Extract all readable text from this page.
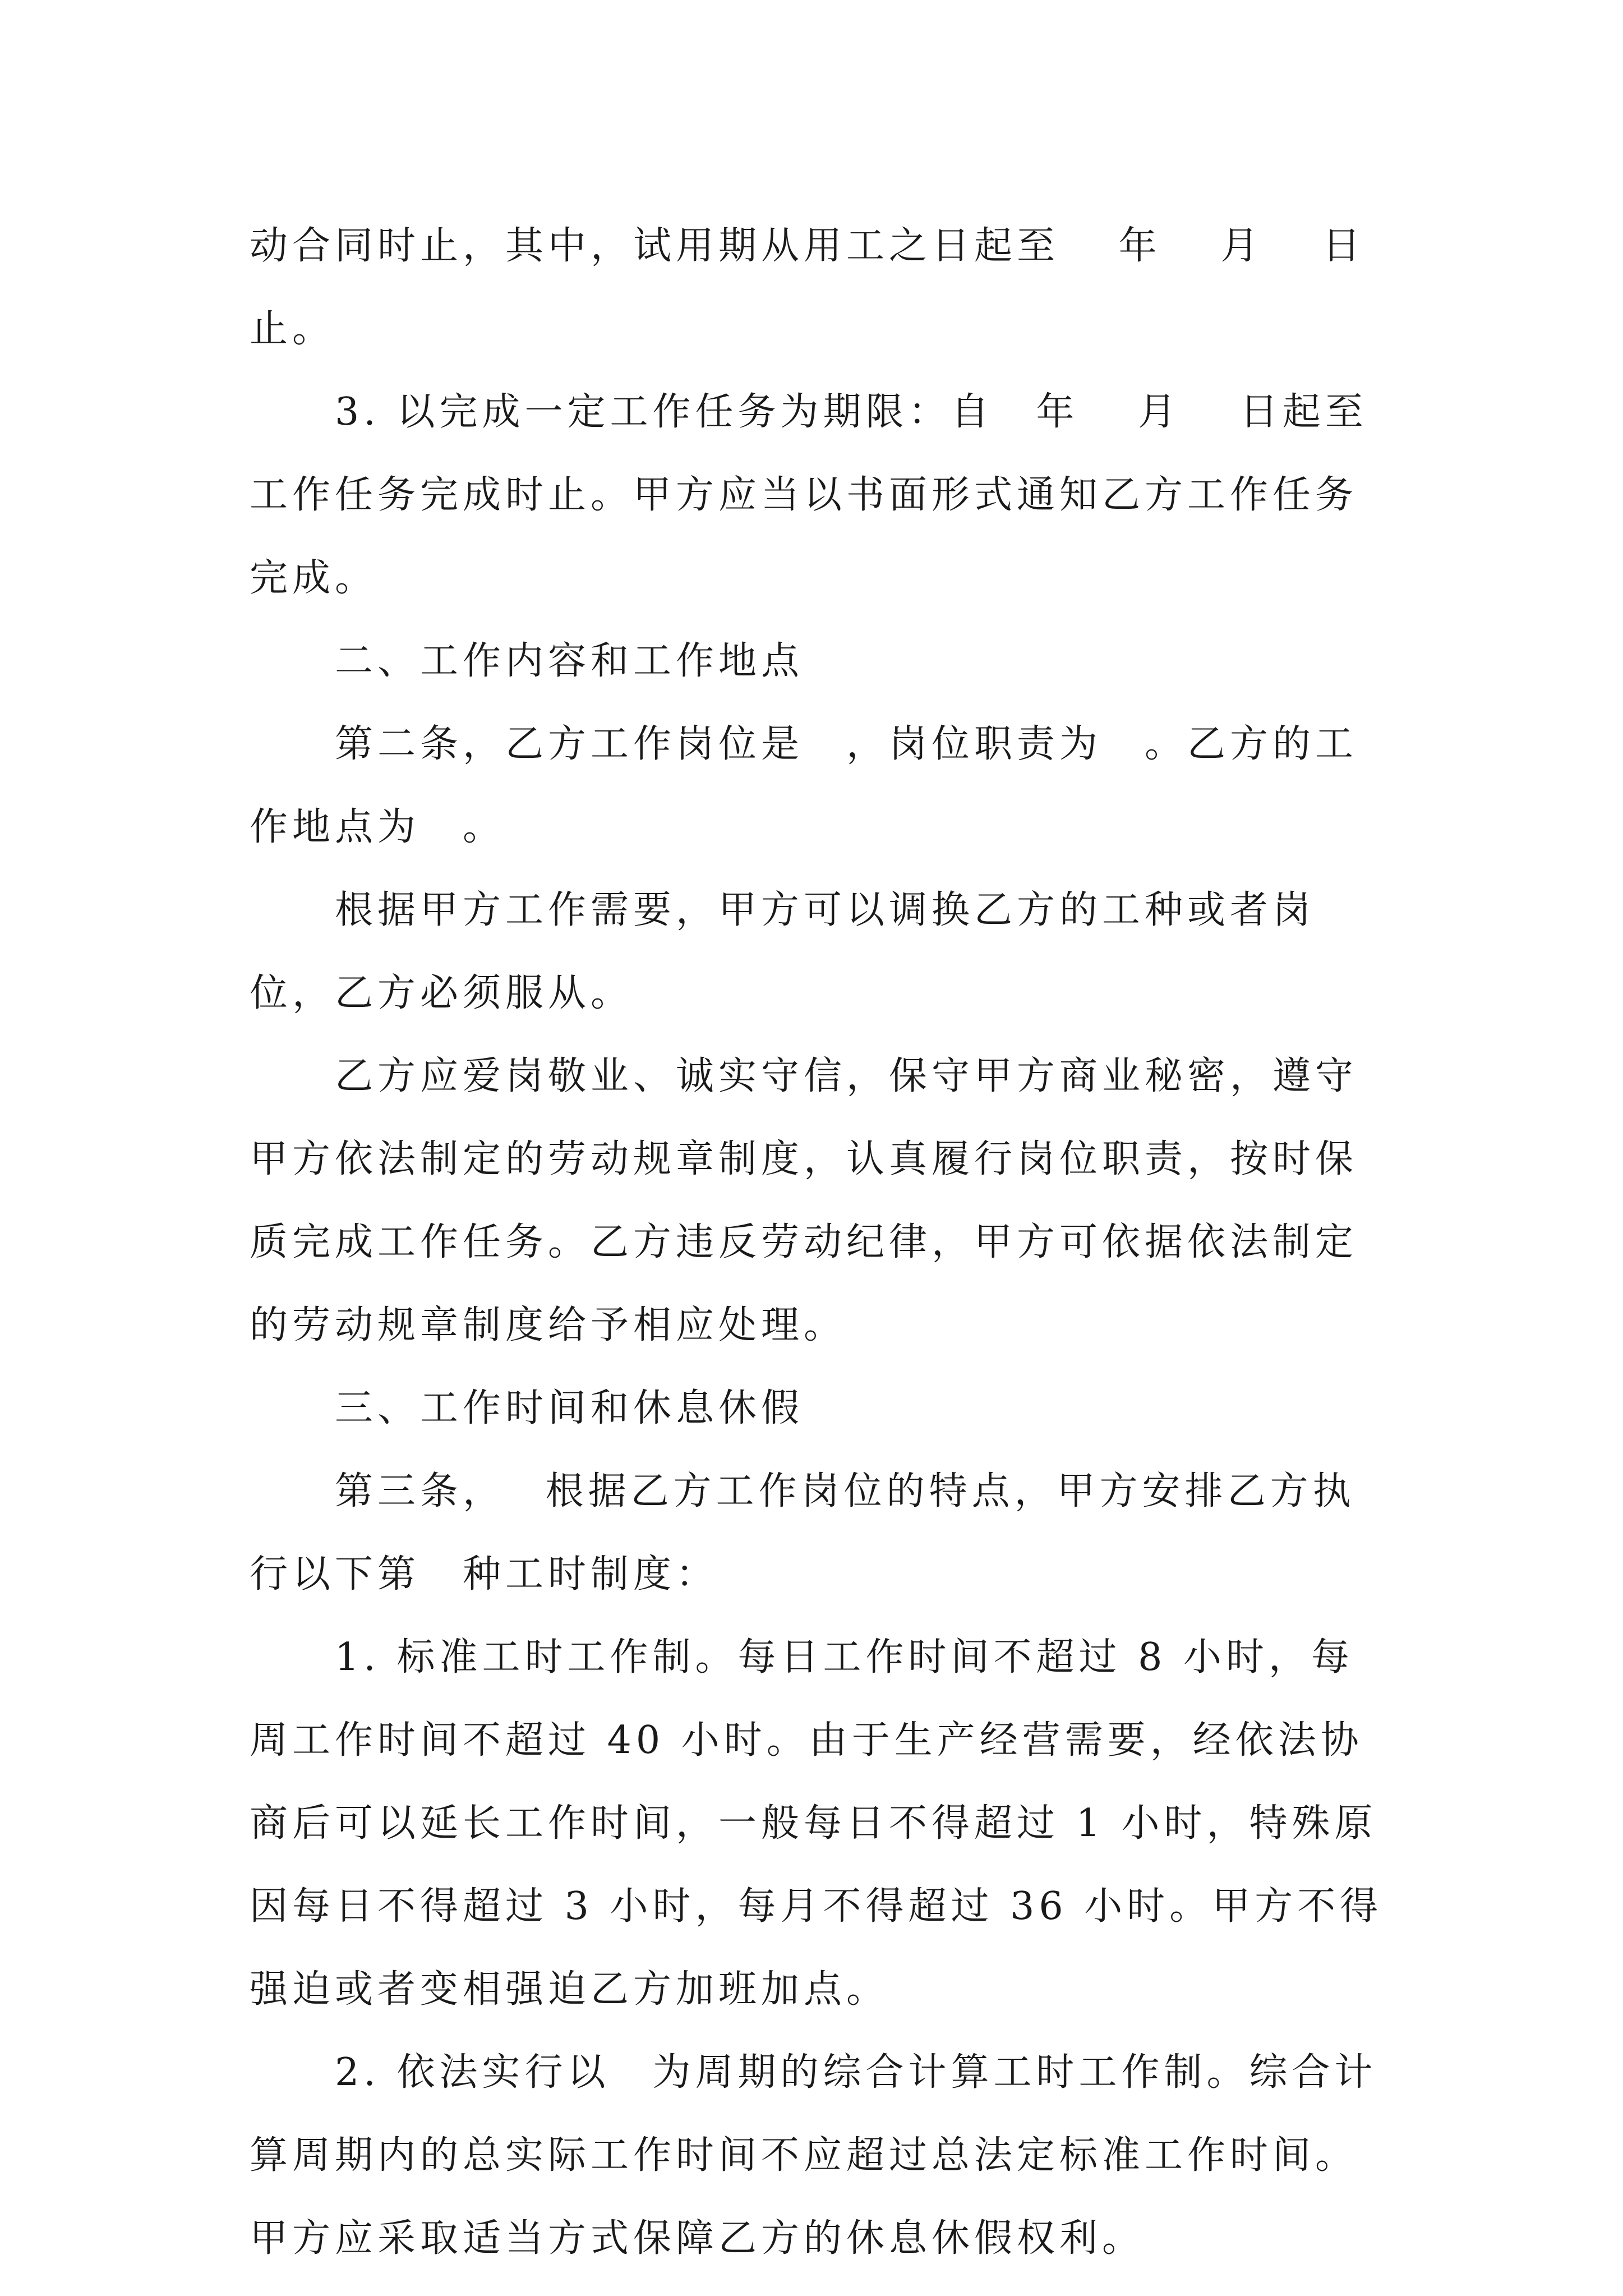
动合同时止，其中，试用期从用工之日起至　 年　 月　 日止。

3. 以完成一定工作任务为期限：自　年　 月　 日起至　　工作任务完成时止。甲方应当以书面形式通知乙方工作任务完成。

二、工作内容和工作地点

第二条，乙方工作岗位是　，岗位职责为　。乙方的工作地点为　。

根据甲方工作需要，甲方可以调换乙方的工种或者岗位，乙方必须服从。

乙方应爱岗敬业、诚实守信，保守甲方商业秘密，遵守甲方依法制定的劳动规章制度，认真履行岗位职责，按时保质完成工作任务。乙方违反劳动纪律，甲方可依据依法制定的劳动规章制度给予相应处理。

三、工作时间和休息休假

第三条，　 根据乙方工作岗位的特点，甲方安排乙方执行以下第　种工时制度：

1. 标准工时工作制。每日工作时间不超过 8 小时，每周工作时间不超过 40 小时。由于生产经营需要，经依法协商后可以延长工作时间，一般每日不得超过 1 小时，特殊原因每日不得超过 3 小时，每月不得超过 36 小时。甲方不得强迫或者变相强迫乙方加班加点。

2. 依法实行以　为周期的综合计算工时工作制。综合计算周期内的总实际工作时间不应超过总法定标准工作时间。甲方应采取适当方式保障乙方的休息休假权利。
